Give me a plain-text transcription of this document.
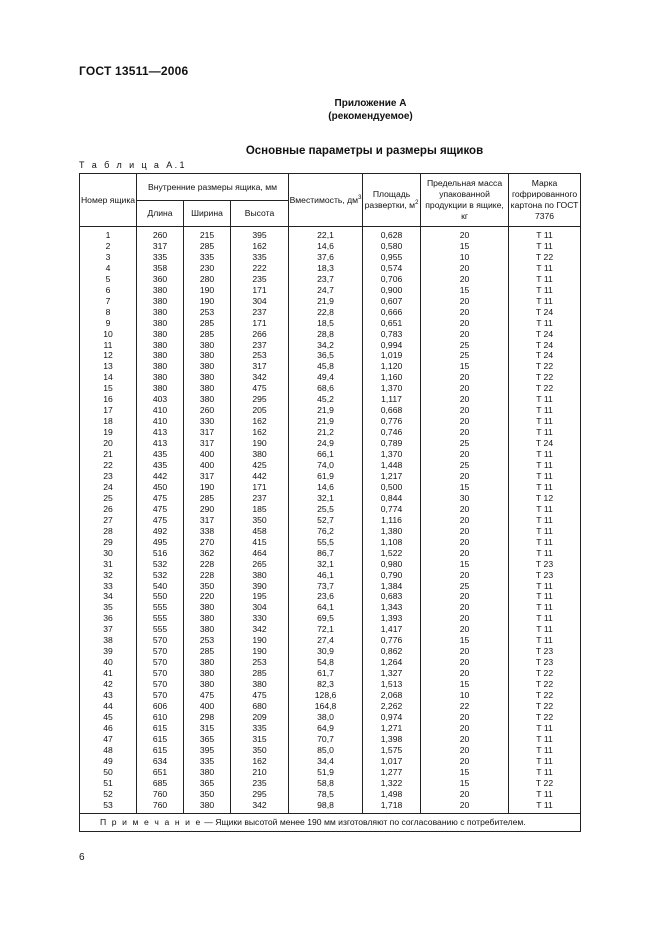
ГОСТ 13511—2006
Приложение А
(рекомендуемое)
Основные параметры и размеры ящиков
Т а б л и ц а А.1
Номер ящика	Внутренние размеры ящика, мм			Вместимость, $дм^3$	Площадь развертки, $м^2$	Предельная масса упакованной продукции в ящике, кг	Марка гофрированного картона по ГОСТ 7376
	Длина	Ширина	Высота				
1	260	215	395	22,1	0,628	20	Т 11
2	317	285	162	14,6	0,580	15	Т 11
3	335	335	335	37,6	0,955	10	Т 22
4	358	230	222	18,3	0,574	20	Т 11
5	360	280	235	23,7	0,706	20	Т 11
6	380	190	171	24,7	0,900	15	Т 11
7	380	190	304	21,9	0,607	20	Т 11
8	380	253	237	22,8	0,666	20	Т 24
9	380	285	171	18,5	0,651	20	Т 11
10	380	285	266	28,8	0,783	20	Т 24
11	380	380	237	34,2	0,994	25	Т 24
12	380	380	253	36,5	1,019	25	Т 24
13	380	380	317	45,8	1,120	15	Т 22
14	380	380	342	49,4	1,160	20	Т 22
15	380	380	475	68,6	1,370	20	Т 22
16	403	380	295	45,2	1,117	20	Т 11
17	410	260	205	21,9	0,668	20	Т 11
18	410	330	162	21,9	0,776	20	Т 11
19	413	317	162	21,2	0,746	20	Т 11
20	413	317	190	24,9	0,789	25	Т 24
21	435	400	380	66,1	1,370	20	Т 11
22	435	400	425	74,0	1,448	25	Т 11
23	442	317	442	61,9	1,217	20	Т 11
24	450	190	171	14,6	0,500	15	Т 11
25	475	285	237	32,1	0,844	30	Т 12
26	475	290	185	25,5	0,774	20	Т 11
27	475	317	350	52,7	1,116	20	Т 11
28	492	338	458	76,2	1,380	20	Т 11
29	495	270	415	55,5	1,108	20	Т 11
30	516	362	464	86,7	1,522	20	Т 11
31	532	228	265	32,1	0,980	15	Т 23
32	532	228	380	46,1	0,790	20	Т 23
33	540	350	390	73,7	1,384	25	Т 11
34	550	220	195	23,6	0,683	20	Т 11
35	555	380	304	64,1	1,343	20	Т 11
36	555	380	330	69,5	1,393	20	Т 11
37	555	380	342	72,1	1,417	20	Т 11
38	570	253	190	27,4	0,776	15	Т 11
39	570	285	190	30,9	0,862	20	Т 23
40	570	380	253	54,8	1,264	20	Т 23
41	570	380	285	61,7	1,327	20	Т 22
42	570	380	380	82,3	1,513	15	Т 22
43	570	475	475	128,6	2,068	10	Т 22
44	606	400	680	164,8	2,262	22	Т 22
45	610	298	209	38,0	0,974	20	Т 22
46	615	315	335	64,9	1,271	20	Т 11
47	615	365	315	70,7	1,398	20	Т 11
48	615	395	350	85,0	1,575	20	Т 11
49	634	335	162	34,4	1,017	20	Т 11
50	651	380	210	51,9	1,277	15	Т 11
51	685	365	235	58,8	1,322	15	Т 22
52	760	350	295	78,5	1,498	20	Т 11
53	760	380	342	98,8	1,718	20	Т 11
П р и м е ч а н и е — Ящики высотой менее 190 мм изготовляют по согласованию с потребителем.							
6
